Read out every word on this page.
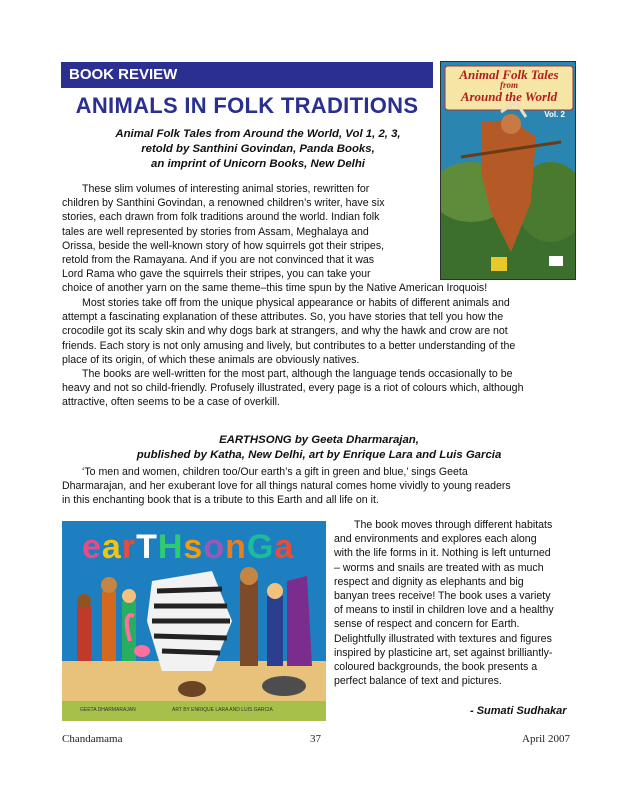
BOOK REVIEW
ANIMALS IN FOLK TRADITIONS
Animal Folk Tales
from
Around the World
Vol. 2
Animal Folk Tales from Around the World, Vol 1, 2, 3,
retold by Santhini Govindan, Panda Books,
an imprint of Unicorn Books, New Delhi
These slim volumes of interesting animal stories, rewritten for
children by Santhini Govindan, a renowned children’s writer, have six
stories, each drawn from folk traditions around the world. Indian folk
tales are well represented by stories from Assam, Meghalaya and
Orissa, beside the well-known story of how squirrels got their stripes,
retold from the Ramayana. And if you are not convinced that it was
Lord Rama who gave the squirrels their stripes, you can take your
choice of another yarn on the same theme–this time spun by the Native American Iroquois!
Most stories take off from the unique physical appearance or habits of different animals and
attempt a fascinating explanation of these attributes. So, you have stories that tell you how the
crocodile got its scaly skin and why dogs bark at strangers, and why the hawk and crow are not
friends. Each story is not only amusing and lively, but contributes to a better understanding of the
place of its origin, of which these animals are obviously natives.
The books are well-written for the most part, although the language tends occasionally to be
heavy and not so child-friendly. Profusely illustrated, every page is a riot of colours which, although
attractive, often seems to be a case of overkill.
EARTHSONG by Geeta Dharmarajan,
published by Katha, New Delhi, art by Enrique Lara and Luis Garcia
‘To men and women, children too/Our earth’s a gift in green and blue,’ sings Geeta
Dharmarajan, and her exuberant love for all things natural comes home vividly to young readers
in this enchanting book that is a tribute to this Earth and all life on it.
earTHsonGa
GEETA DHARMARAJAN	ART BY ENRIQUE LARA AND LUIS GARCIA
The book moves through different habitats
and environments and explores each along
with the life forms in it. Nothing is left unturned
– worms and snails are treated with as much
respect and dignity as elephants and big
banyan trees receive! The book uses a variety
of means to instil in children love and a healthy
sense of respect and concern for Earth.
Delightfully illustrated with textures and figures
inspired by plasticine art, set against brilliantly-
coloured backgrounds, the book presents a
perfect balance of text and pictures.
- Sumati Sudhakar
Chandamama	37	April 2007
